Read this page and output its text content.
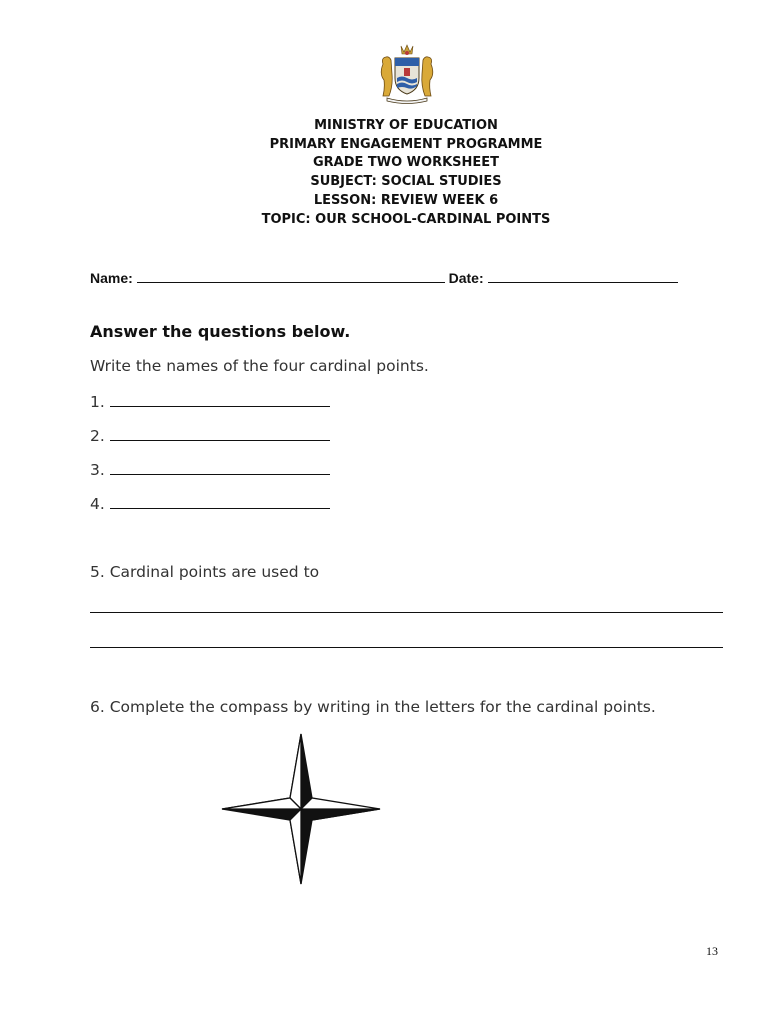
MINISTRY OF EDUCATION
PRIMARY ENGAGEMENT PROGRAMME
GRADE TWO WORKSHEET
SUBJECT: SOCIAL STUDIES
LESSON: REVIEW WEEK 6
TOPIC: OUR SCHOOL-CARDINAL POINTS
Name:	Date:
Answer the questions below.
Write the names of the four cardinal points.
1.
2.
3.
4.
5. Cardinal points are used to
6. Complete the compass by writing in the letters for the cardinal points.
13
